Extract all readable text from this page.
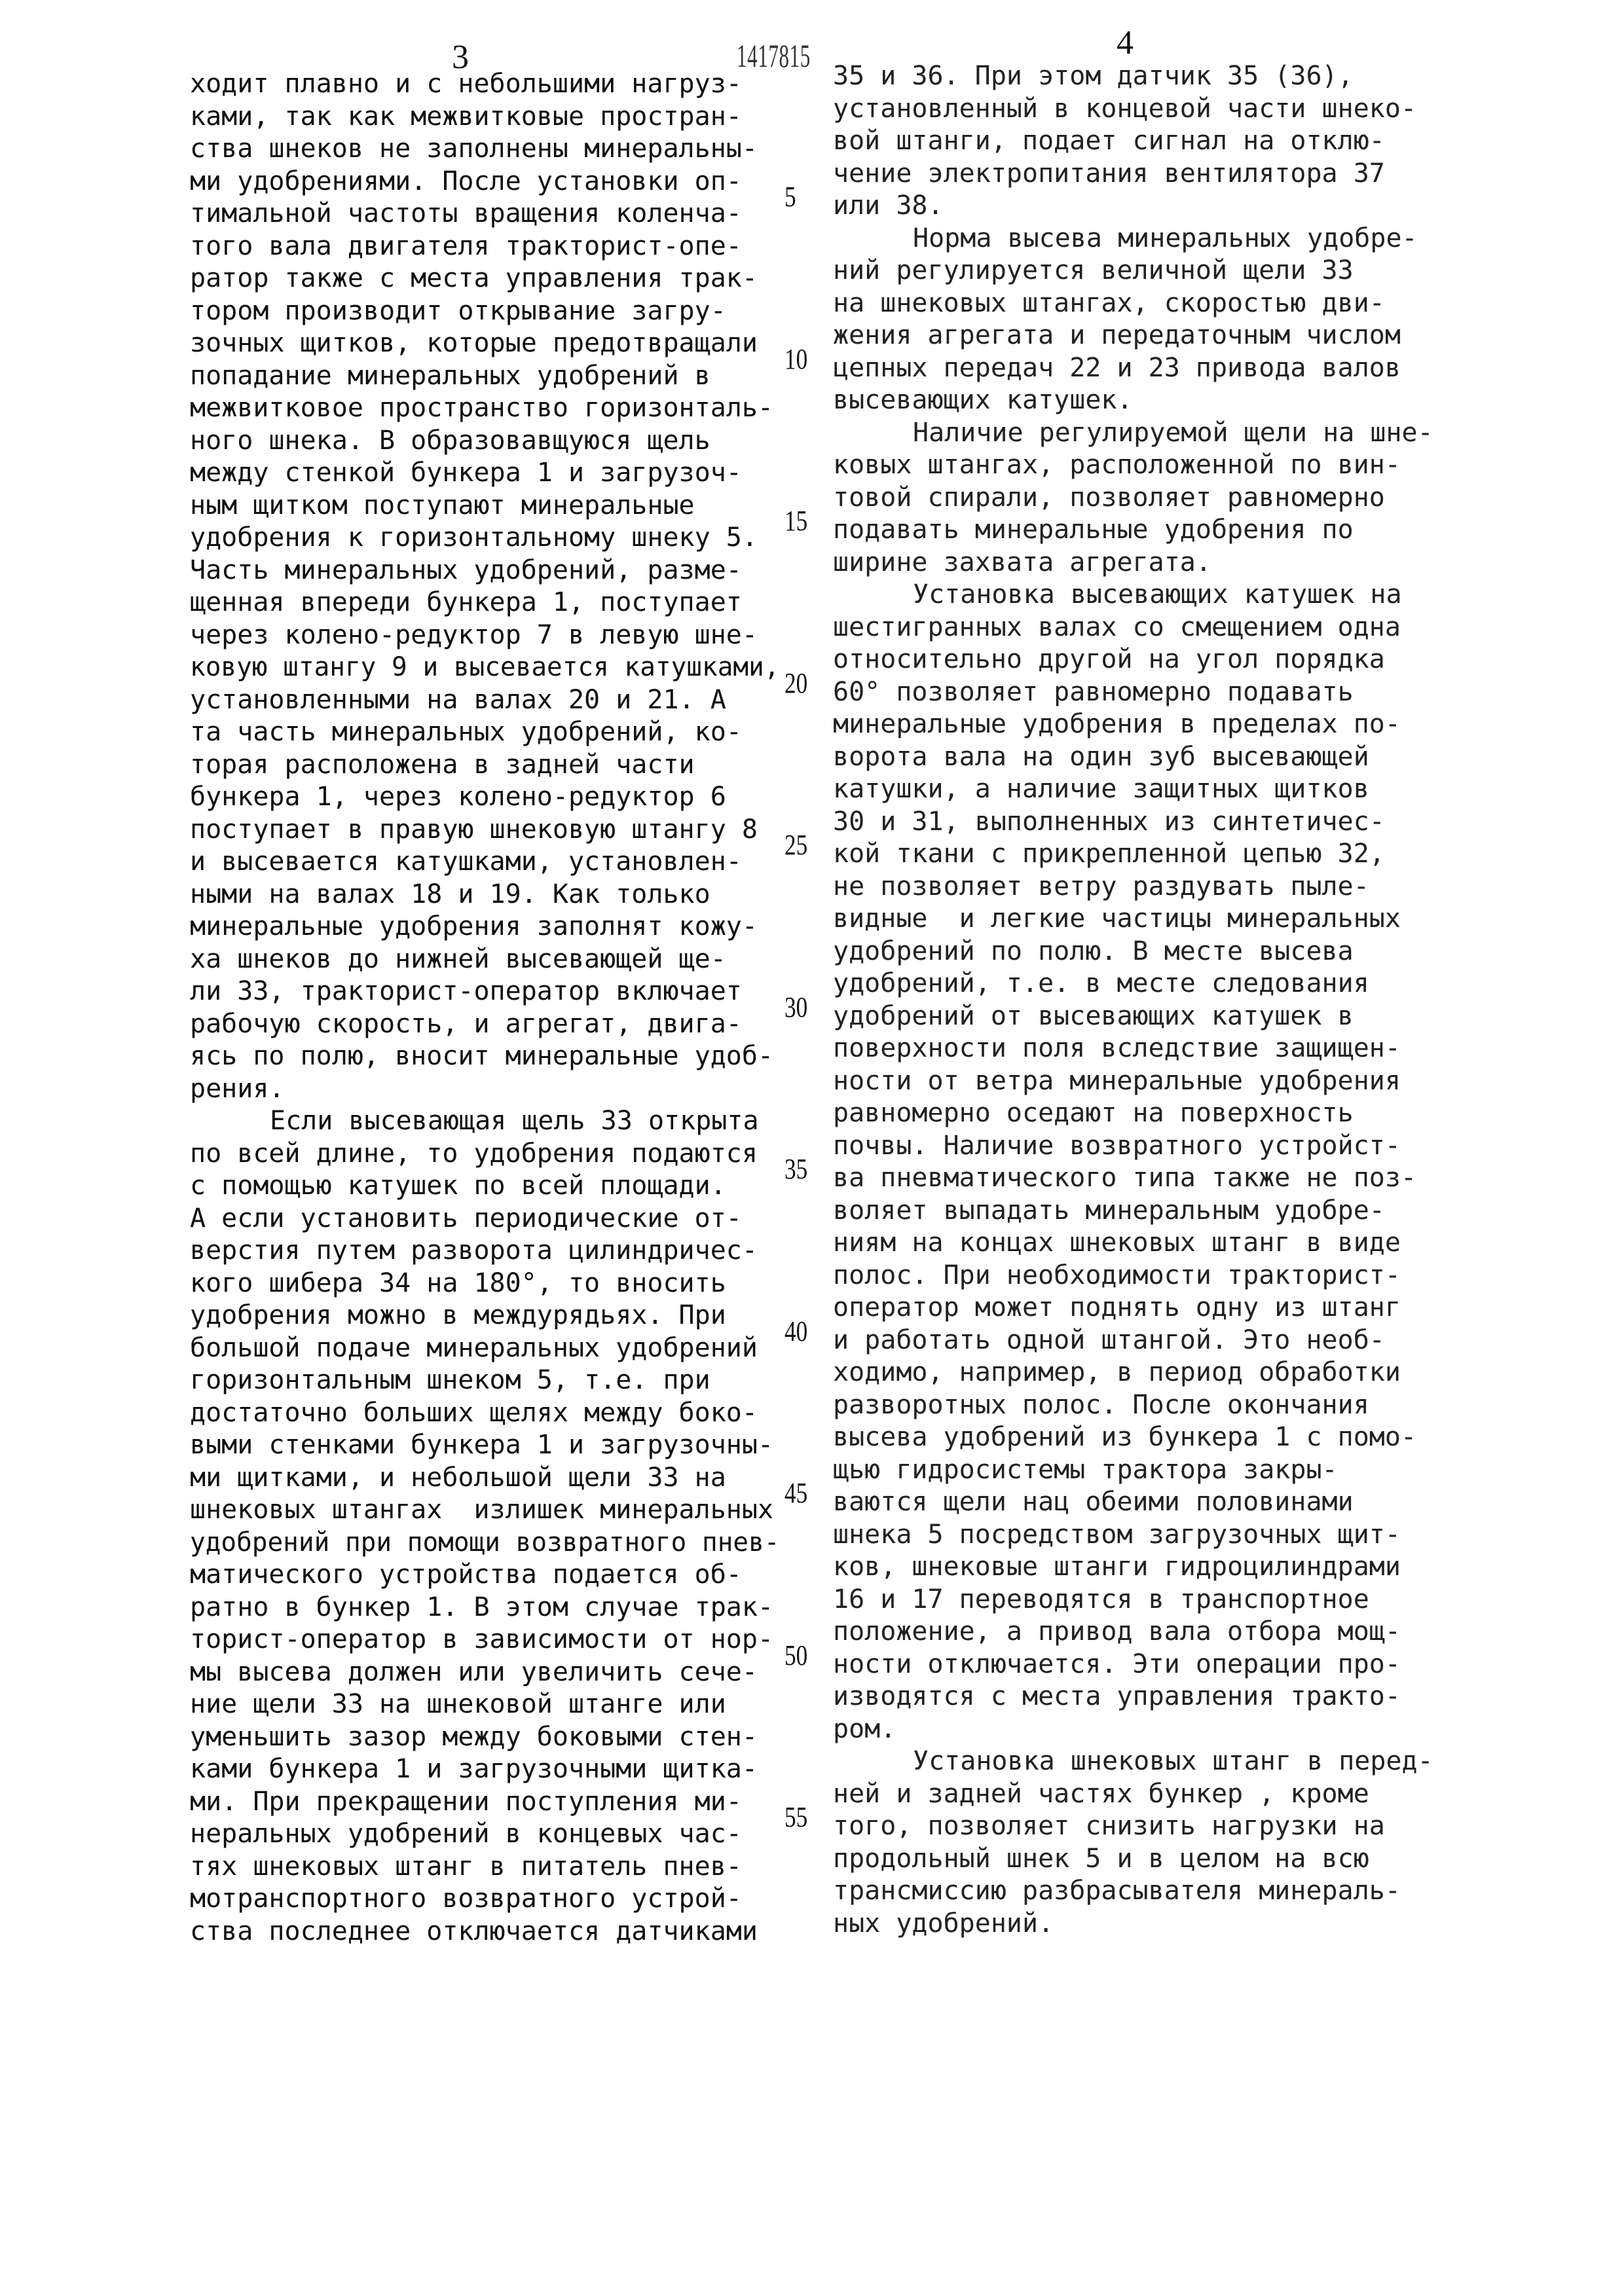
3	1417815	4
ходит плавно и с небольшими нагруз-
ками, так как межвитковые простран-
ства шнеков не заполнены минеральны-
ми удобрениями. После установки оп-
тимальной частоты вращения коленча-
того вала двигателя тракторист-опе-
ратор также с места управления трак-
тором производит открывание загру-
зочных щитков, которые предотвращали
попадание минеральных удобрений в
межвитковое пространство горизонталь-
ного шнека. В образовавщуюся щель
между стенкой бункера 1 и загрузоч-
ным щитком поступают минеральные
удобрения к горизонтальному шнеку 5.
Часть минеральных удобрений, разме-
щенная впереди бункера 1, поступает
через колено-редуктор 7 в левую шне-
ковую штангу 9 и высевается катушками,
установленными на валах 20 и 21. А
та часть минеральных удобрений, ко-
торая расположена в задней части
бункера 1, через колено-редуктор 6
поступает в правую шнековую штангу 8
и высевается катушками, установлен-
ными на валах 18 и 19. Как только
минеральные удобрения заполнят кожу-
ха шнеков до нижней высевающей ще-
ли 33, тракторист-оператор включает
рабочую скорость, и агрегат, двига-
ясь по полю, вносит минеральные удоб-
рения.
Если высевающая щель 33 открыта
по всей длине, то удобрения подаются
с помощью катушек по всей площади.
А если установить периодические от-
верстия путем разворота цилиндричес-
кого шибера 34 на 180°, то вносить
удобрения можно в междурядьях. При
большой подаче минеральных удобрений
горизонтальным шнеком 5, т.е. при
достаточно больших щелях между боко-
выми стенками бункера 1 и загрузочны-
ми щитками, и небольшой щели 33 на
шнековых штангах  излишек минеральных
удобрений при помощи возвратного пнев-
матического устройства подается об-
ратно в бункер 1. В этом случае трак-
торист-оператор в зависимости от нор-
мы высева должен или увеличить сече-
ние щели 33 на шнековой штанге или
уменьшить зазор между боковыми стен-
ками бункера 1 и загрузочными щитка-
ми. При прекращении поступления ми-
неральных удобрений в концевых час-
тях шнековых штанг в питатель пнев-
мотранспортного возвратного устрой-
ства последнее отключается датчиками
5
10
15
20
25
30
35
40
45
50
55
35 и 36. При этом датчик 35 (36),
установленный в концевой части шнеко-
вой штанги, подает сигнал на отклю-
чение электропитания вентилятора 37
или 38.
Норма высева минеральных удобре-
ний регулируется величной щели 33
на шнековых штангах, скоростью дви-
жения агрегата и передаточным числом
цепных передач 22 и 23 привода валов
высевающих катушек.
Наличие регулируемой щели на шне-
ковых штангах, расположенной по вин-
товой спирали, позволяет равномерно
подавать минеральные удобрения по
ширине захвата агрегата.
Установка высевающих катушек на
шестигранных валах со смещением одна
относительно другой на угол порядка
60° позволяет равномерно подавать
минеральные удобрения в пределах по-
ворота вала на один зуб высевающей
катушки, а наличие защитных щитков
30 и 31, выполненных из синтетичес-
кой ткани с прикрепленной цепью 32,
не позволяет ветру раздувать пыле-
видные  и легкие частицы минеральных
удобрений по полю. В месте высева
удобрений, т.е. в месте следования
удобрений от высевающих катушек в
поверхности поля вследствие защищен-
ности от ветра минеральные удобрения
равномерно оседают на поверхность
почвы. Наличие возвратного устройст-
ва пневматического типа также не поз-
воляет выпадать минеральным удобре-
ниям на концах шнековых штанг в виде
полос. При необходимости тракторист-
оператор может поднять одну из штанг
и работать одной штангой. Это необ-
ходимо, например, в период обработки
разворотных полос. После окончания
высева удобрений из бункера 1 с помо-
щью гидросистемы трактора закры-
ваются щели нац обеими половинами
шнека 5 посредством загрузочных щит-
ков, шнековые штанги гидроцилиндрами
16 и 17 переводятся в транспортное
положение, а привод вала отбора мощ-
ности отключается. Эти операции про-
изводятся с места управления тракто-
ром.
Установка шнековых штанг в перед-
ней и задней частях бункер , кроме
того, позволяет снизить нагрузки на
продольный шнек 5 и в целом на всю
трансмиссию разбрасывателя минераль-
ных удобрений.
